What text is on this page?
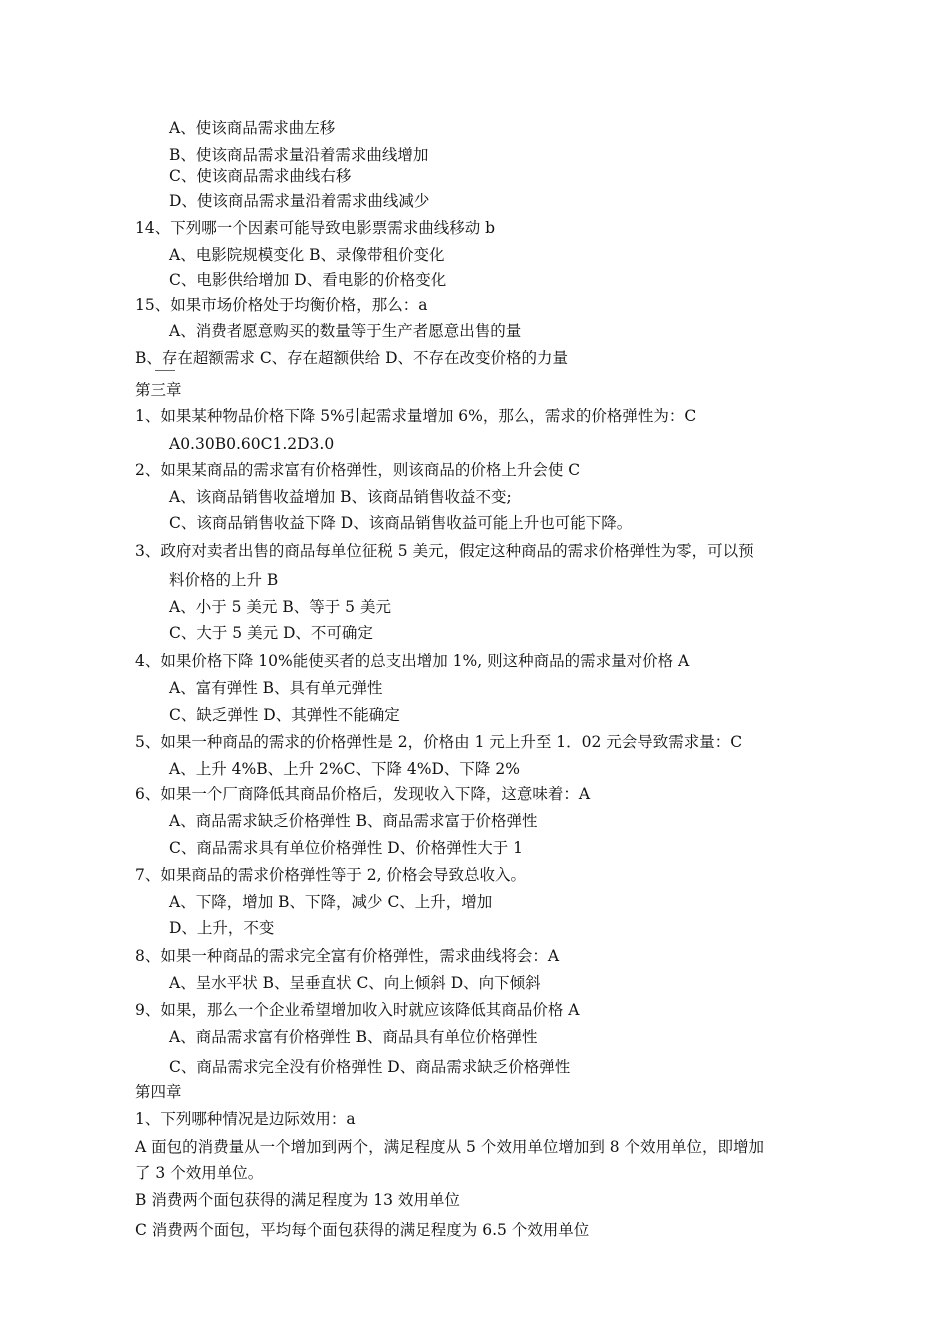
A、使该商品需求曲左移
B、使该商品需求量沿着需求曲线增加
C、使该商品需求曲线右移
D、使该商品需求量沿着需求曲线减少
14、下列哪一个因素可能导致电影票需求曲线移动 b
A、电影院规模变化 B、录像带租价变化
C、电影供给增加 D、看电影的价格变化
15、如果市场价格处于均衡价格，那么：a
A、消费者愿意购买的数量等于生产者愿意出售的量
B、存在超额需求 C、存在超额供给 D、不存在改变价格的力量
第三章
1、如果某种物品价格下降 5%引起需求量增加 6%，那么，需求的价格弹性为：C
A0.30B0.60C1.2D3.0
2、如果某商品的需求富有价格弹性，则该商品的价格上升会使 C
A、该商品销售收益增加 B、该商品销售收益不变;
C、该商品销售收益下降 D、该商品销售收益可能上升也可能下降。
3、政府对卖者出售的商品每单位征税 5 美元，假定这种商品的需求价格弹性为零，可以预
料价格的上升 B
A、小于 5 美元 B、等于 5 美元
C、大于 5 美元 D、不可确定
4、如果价格下降 10%能使买者的总支出增加 1%, 则这种商品的需求量对价格 A
A、富有弹性 B、具有单元弹性
C、缺乏弹性 D、其弹性不能确定
5、如果一种商品的需求的价格弹性是 2，价格由 1 元上升至 1．02 元会导致需求量：C
A、上升 4%B、上升 2%C、下降 4%D、下降 2%
6、如果一个厂商降低其商品价格后，发现收入下降，这意味着：A
A、商品需求缺乏价格弹性 B、商品需求富于价格弹性
C、商品需求具有单位价格弹性 D、价格弹性大于 1
7、如果商品的需求价格弹性等于 2, 价格会导致总收入。
A、下降，增加 B、下降，减少 C、上升，增加
D、上升，不变
8、如果一种商品的需求完全富有价格弹性，需求曲线将会：A
A、呈水平状 B、呈垂直状 C、向上倾斜 D、向下倾斜
9、如果，那么一个企业希望增加收入时就应该降低其商品价格 A
A、商品需求富有价格弹性 B、商品具有单位价格弹性
C、商品需求完全没有价格弹性 D、商品需求缺乏价格弹性
第四章
1、下列哪种情况是边际效用：a
A 面包的消费量从一个增加到两个，满足程度从 5 个效用单位增加到 8 个效用单位，即增加
了 3 个效用单位。
B 消费两个面包获得的满足程度为 13 效用单位
C 消费两个面包，平均每个面包获得的满足程度为 6.5 个效用单位
